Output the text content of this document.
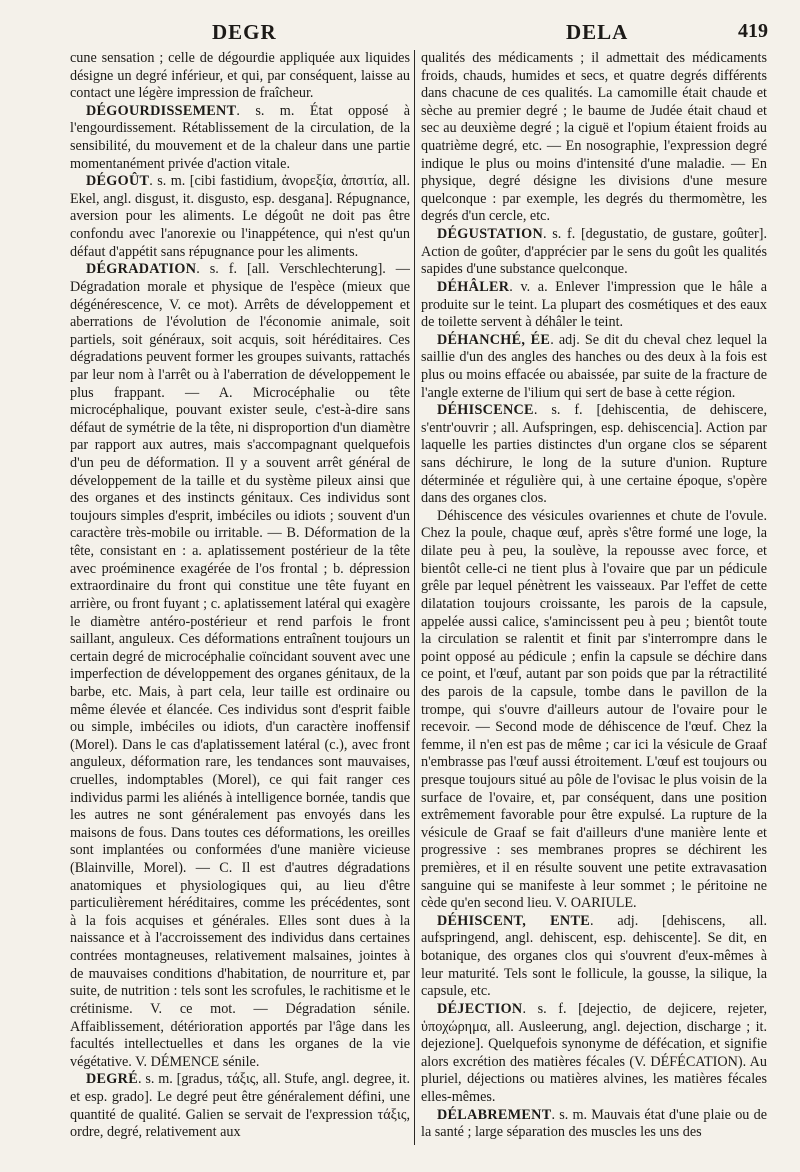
DEGR	DELA	419

cune sensation ; celle de dégourdie appliquée aux liquides désigne un degré inférieur, et qui, par conséquent, laisse au contact une légère impression de fraîcheur.

DÉGOURDISSEMENT. s. m. État opposé à l'engourdissement. Rétablissement de la circulation, de la sensibilité, du mouvement et de la chaleur dans une partie momentanément privée d'action vitale.

DÉGOÛT. s. m. [cibi fastidium, ἀνορεξία, ἀπσιτία, all. Ekel, angl. disgust, it. disgusto, esp. desgana]. Répugnance, aversion pour les aliments. Le dégoût ne doit pas être confondu avec l'anorexie ou l'inappétence, qui n'est qu'un défaut d'appétit sans répugnance pour les aliments.

DÉGRADATION. s. f. [all. Verschlechterung]. — Dégradation morale et physique de l'espèce (mieux que dégénérescence, V. ce mot). Arrêts de développement et aberrations de l'évolution de l'économie animale, soit partiels, soit généraux, soit acquis, soit héréditaires. Ces dégradations peuvent former les groupes suivants, rattachés par leur nom à l'arrêt ou à l'aberration de développement le plus frappant. — A. Microcéphalie ou tête microcéphalique, pouvant exister seule, c'est-à-dire sans défaut de symétrie de la tête, ni disproportion d'un diamètre par rapport aux autres, mais s'accompagnant quelquefois d'un peu de déformation. Il y a souvent arrêt général de développement de la taille et du système pileux ainsi que des organes et des instincts génitaux. Ces individus sont toujours simples d'esprit, imbéciles ou idiots ; souvent d'un caractère très-mobile ou irritable. — B. Déformation de la tête, consistant en : a. aplatissement postérieur de la tête avec proéminence exagérée de l'os frontal ; b. dépression extraordinaire du front qui constitue une tête fuyant en arrière, ou front fuyant ; c. aplatissement latéral qui exagère le diamètre antéro-postérieur et rend parfois le front saillant, anguleux. Ces déformations entraînent toujours un certain degré de microcéphalie coïncidant souvent avec une imperfection de développement des organes génitaux, de la barbe, etc. Mais, à part cela, leur taille est ordinaire ou même élevée et élancée. Ces individus sont d'esprit faible ou simple, imbéciles ou idiots, d'un caractère inoffensif (Morel). Dans le cas d'aplatissement latéral (c.), avec front anguleux, déformation rare, les tendances sont mauvaises, cruelles, indomptables (Morel), ce qui fait ranger ces individus parmi les aliénés à intelligence bornée, tandis que les autres ne sont généralement pas envoyés dans les maisons de fous. Dans toutes ces déformations, les oreilles sont implantées ou conformées d'une manière vicieuse (Blainville, Morel). — C. Il est d'autres dégradations anatomiques et physiologiques qui, au lieu d'être particulièrement héréditaires, comme les précédentes, sont à la fois acquises et générales. Elles sont dues à la naissance et à l'accroissement des individus dans certaines contrées montagneuses, relativement malsaines, jointes à de mauvaises conditions d'habitation, de nourriture et, par suite, de nutrition : tels sont les scrofules, le rachitisme et le crétinisme. V. ce mot. — Dégradation sénile. Affaiblissement, détérioration apportés par l'âge dans les facultés intellectuelles et dans les organes de la vie végétative. V. DÉMENCE sénile.

DEGRÉ. s. m. [gradus, τάξις, all. Stufe, angl. degree, it. et esp. grado]. Le degré peut être généralement défini, une quantité de qualité. Galien se servait de l'expression τάξις, ordre, degré, relativement aux

qualités des médicaments ; il admettait des médicaments froids, chauds, humides et secs, et quatre degrés différents dans chacune de ces qualités. La camomille était chaude et sèche au premier degré ; le baume de Judée était chaud et sec au deuxième degré ; la ciguë et l'opium étaient froids au quatrième degré, etc. — En nosographie, l'expression degré indique le plus ou moins d'intensité d'une maladie. — En physique, degré désigne les divisions d'une mesure quelconque : par exemple, les degrés du thermomètre, les degrés d'un cercle, etc.

DÉGUSTATION. s. f. [degustatio, de gustare, goûter]. Action de goûter, d'apprécier par le sens du goût les qualités sapides d'une substance quelconque.

DÉHÂLER. v. a. Enlever l'impression que le hâle a produite sur le teint. La plupart des cosmétiques et des eaux de toilette servent à déhâler le teint.

DÉHANCHÉ, ÉE. adj. Se dit du cheval chez lequel la saillie d'un des angles des hanches ou des deux à la fois est plus ou moins effacée ou abaissée, par suite de la fracture de l'angle externe de l'ilium qui sert de base à cette région.

DÉHISCENCE. s. f. [dehiscentia, de dehiscere, s'entr'ouvrir ; all. Aufspringen, esp. dehiscencia]. Action par laquelle les parties distinctes d'un organe clos se séparent sans déchirure, le long de la suture d'union. Rupture déterminée et régulière qui, à une certaine époque, s'opère dans des organes clos.

Déhiscence des vésicules ovariennes et chute de l'ovule. Chez la poule, chaque œuf, après s'être formé une loge, la dilate peu à peu, la soulève, la repousse avec force, et bientôt celle-ci ne tient plus à l'ovaire que par un pédicule grêle par lequel pénètrent les vaisseaux. Par l'effet de cette dilatation toujours croissante, les parois de la capsule, appelée aussi calice, s'amincissent peu à peu ; bientôt toute la circulation se ralentit et finit par s'interrompre dans le point opposé au pédicule ; enfin la capsule se déchire dans ce point, et l'œuf, autant par son poids que par la rétractilité des parois de la capsule, tombe dans le pavillon de la trompe, qui s'ouvre d'ailleurs autour de l'ovaire pour le recevoir. — Second mode de déhiscence de l'œuf. Chez la femme, il n'en est pas de même ; car ici la vésicule de Graaf n'embrasse pas l'œuf aussi étroitement. L'œuf est toujours ou presque toujours situé au pôle de l'ovisac le plus voisin de la surface de l'ovaire, et, par conséquent, dans une position extrêmement favorable pour être expulsé. La rupture de la vésicule de Graaf se fait d'ailleurs d'une manière lente et progressive : ses membranes propres se déchirent les premières, et il en résulte souvent une petite extravasation sanguine qui se manifeste à leur sommet ; le péritoine ne cède qu'en second lieu. V. OARIULE.

DÉHISCENT, ENTE. adj. [dehiscens, all. aufspringend, angl. dehiscent, esp. dehiscente]. Se dit, en botanique, des organes clos qui s'ouvrent d'eux-mêmes à leur maturité. Tels sont le follicule, la gousse, la silique, la capsule, etc.

DÉJECTION. s. f. [dejectio, de dejicere, rejeter, ὑποχώρημα, all. Ausleerung, angl. dejection, discharge ; it. dejezione]. Quelquefois synonyme de défécation, et signifie alors excrétion des matières fécales (V. DÉFÉCATION). Au pluriel, déjections ou matières alvines, les matières fécales elles-mêmes.

DÉLABREMENT. s. m. Mauvais état d'une plaie ou de la santé ; large séparation des muscles les uns des
